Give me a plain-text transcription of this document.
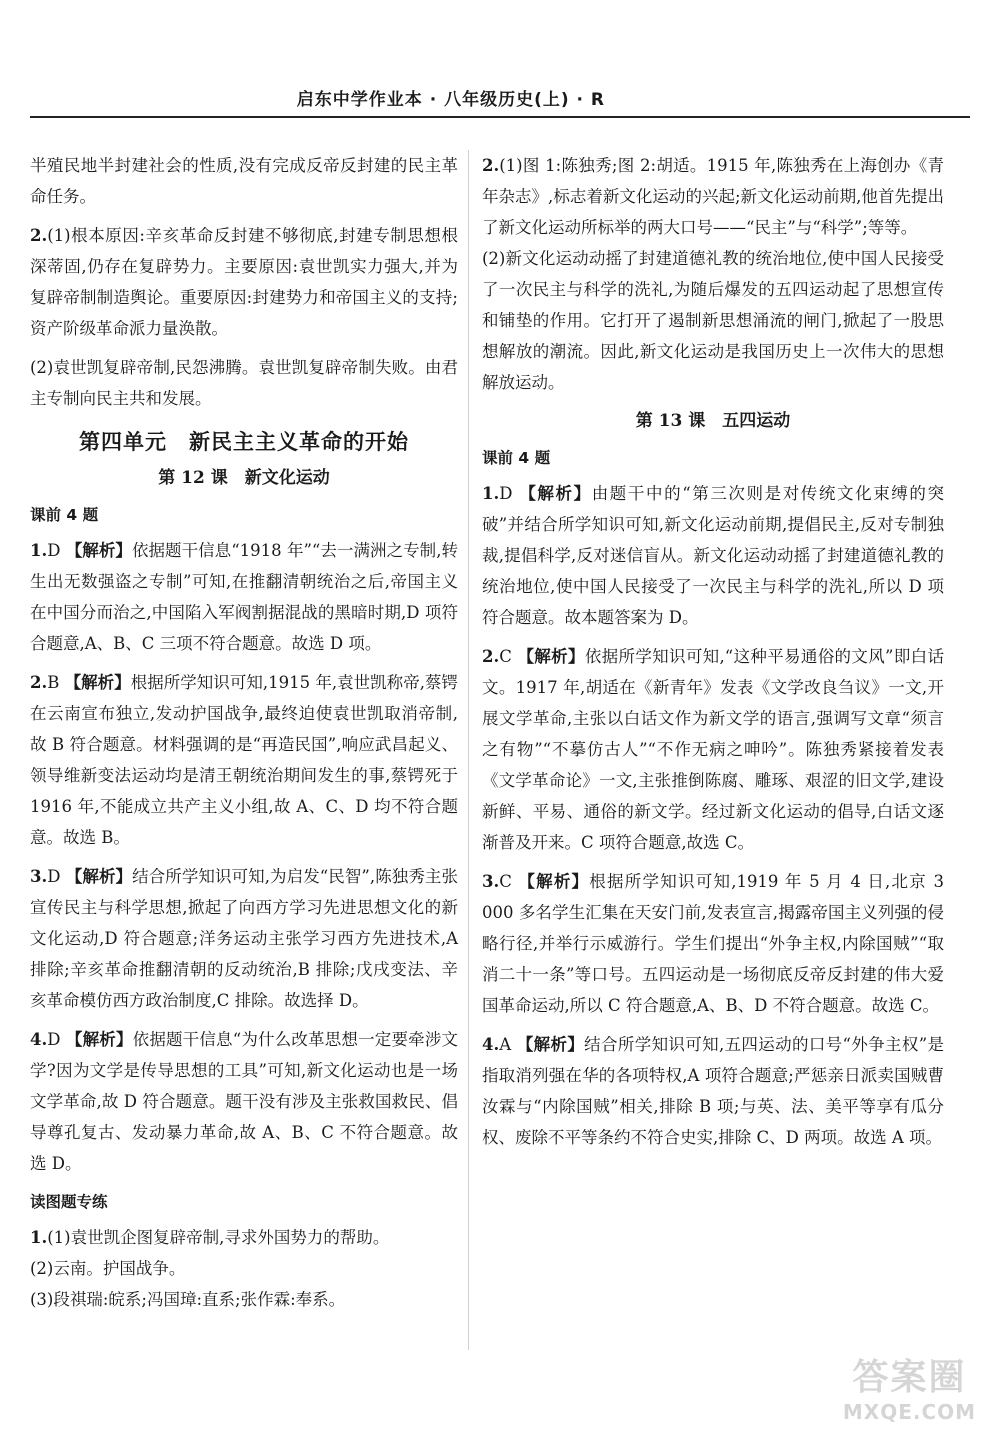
启东中学作业本 · 八年级历史(上) · R

半殖民地半封建社会的性质,没有完成反帝反封建的民主革命任务。

2.(1)根本原因:辛亥革命反封建不够彻底,封建专制思想根深蒂固,仍存在复辟势力。主要原因:袁世凯实力强大,并为复辟帝制制造舆论。重要原因:封建势力和帝国主义的支持;资产阶级革命派力量涣散。

(2)袁世凯复辟帝制,民怨沸腾。袁世凯复辟帝制失败。由君主专制向民主共和发展。

第四单元　新民主主义革命的开始
第 12 课　新文化运动
课前 4 题

1.D 【解析】依据题干信息“1918 年”“去一满洲之专制,转生出无数强盗之专制”可知,在推翻清朝统治之后,帝国主义在中国分而治之,中国陷入军阀割据混战的黑暗时期,D 项符合题意,A、B、C 三项不符合题意。故选 D 项。

2.B 【解析】根据所学知识可知,1915 年,袁世凯称帝,蔡锷在云南宣布独立,发动护国战争,最终迫使袁世凯取消帝制,故 B 符合题意。材料强调的是“再造民国”,响应武昌起义、领导维新变法运动均是清王朝统治期间发生的事,蔡锷死于 1916 年,不能成立共产主义小组,故 A、C、D 均不符合题意。故选 B。

3.D 【解析】结合所学知识可知,为启发“民智”,陈独秀主张宣传民主与科学思想,掀起了向西方学习先进思想文化的新文化运动,D 符合题意;洋务运动主张学习西方先进技术,A 排除;辛亥革命推翻清朝的反动统治,B 排除;戊戌变法、辛亥革命模仿西方政治制度,C 排除。故选择 D。

4.D 【解析】依据题干信息“为什么改革思想一定要牵涉文学?因为文学是传导思想的工具”可知,新文化运动也是一场文学革命,故 D 符合题意。题干没有涉及主张救国救民、倡导尊孔复古、发动暴力革命,故 A、B、C 不符合题意。故选 D。

读图题专练

1.(1)袁世凯企图复辟帝制,寻求外国势力的帮助。

(2)云南。护国战争。

(3)段祺瑞:皖系;冯国璋:直系;张作霖:奉系。

2.(1)图 1:陈独秀;图 2:胡适。1915 年,陈独秀在上海创办《青年杂志》,标志着新文化运动的兴起;新文化运动前期,他首先提出了新文化运动所标举的两大口号——“民主”与“科学”;等等。

(2)新文化运动动摇了封建道德礼教的统治地位,使中国人民接受了一次民主与科学的洗礼,为随后爆发的五四运动起了思想宣传和铺垫的作用。它打开了遏制新思想涌流的闸门,掀起了一股思想解放的潮流。因此,新文化运动是我国历史上一次伟大的思想解放运动。

第 13 课　五四运动
课前 4 题

1.D 【解析】由题干中的“第三次则是对传统文化束缚的突破”并结合所学知识可知,新文化运动前期,提倡民主,反对专制独裁,提倡科学,反对迷信盲从。新文化运动动摇了封建道德礼教的统治地位,使中国人民接受了一次民主与科学的洗礼,所以 D 项符合题意。故本题答案为 D。

2.C 【解析】依据所学知识可知,“这种平易通俗的文风”即白话文。1917 年,胡适在《新青年》发表《文学改良刍议》一文,开展文学革命,主张以白话文作为新文学的语言,强调写文章“须言之有物”“不摹仿古人”“不作无病之呻吟”。陈独秀紧接着发表《文学革命论》一文,主张推倒陈腐、雕琢、艰涩的旧文学,建设新鲜、平易、通俗的新文学。经过新文化运动的倡导,白话文逐渐普及开来。C 项符合题意,故选 C。

3.C 【解析】根据所学知识可知,1919 年 5 月 4 日,北京 3 000 多名学生汇集在天安门前,发表宣言,揭露帝国主义列强的侵略行径,并举行示威游行。学生们提出“外争主权,内除国贼”“取消二十一条”等口号。五四运动是一场彻底反帝反封建的伟大爱国革命运动,所以 C 符合题意,A、B、D 不符合题意。故选 C。

4.A 【解析】结合所学知识可知,五四运动的口号“外争主权”是指取消列强在华的各项特权,A 项符合题意;严惩亲日派卖国贼曹汝霖与“内除国贼”相关,排除 B 项;与英、法、美平等享有瓜分权、废除不平等条约不符合史实,排除 C、D 两项。故选 A 项。

答案圈
MXQE.COM
